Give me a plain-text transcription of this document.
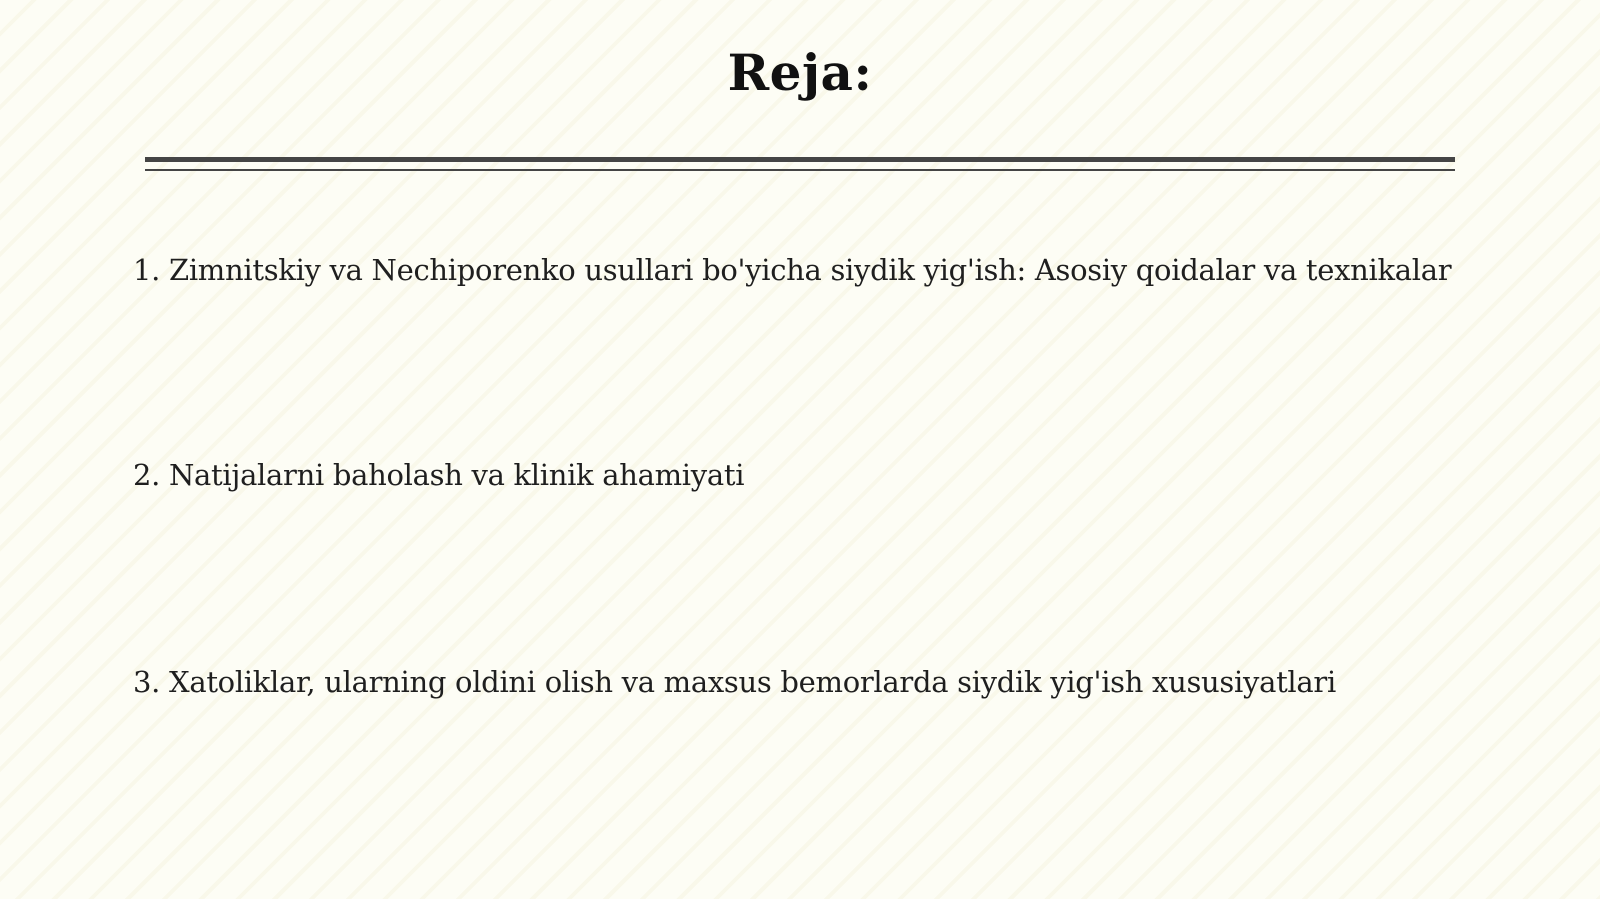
Reja:
1. Zimnitskiy va Nechiporenko usullari bo'yicha siydik yig'ish: Asosiy qoidalar va texnikalar
2. Natijalarni baholash va klinik ahamiyati
3. Xatoliklar, ularning oldini olish va maxsus bemorlarda siydik yig'ish xususiyatlari
